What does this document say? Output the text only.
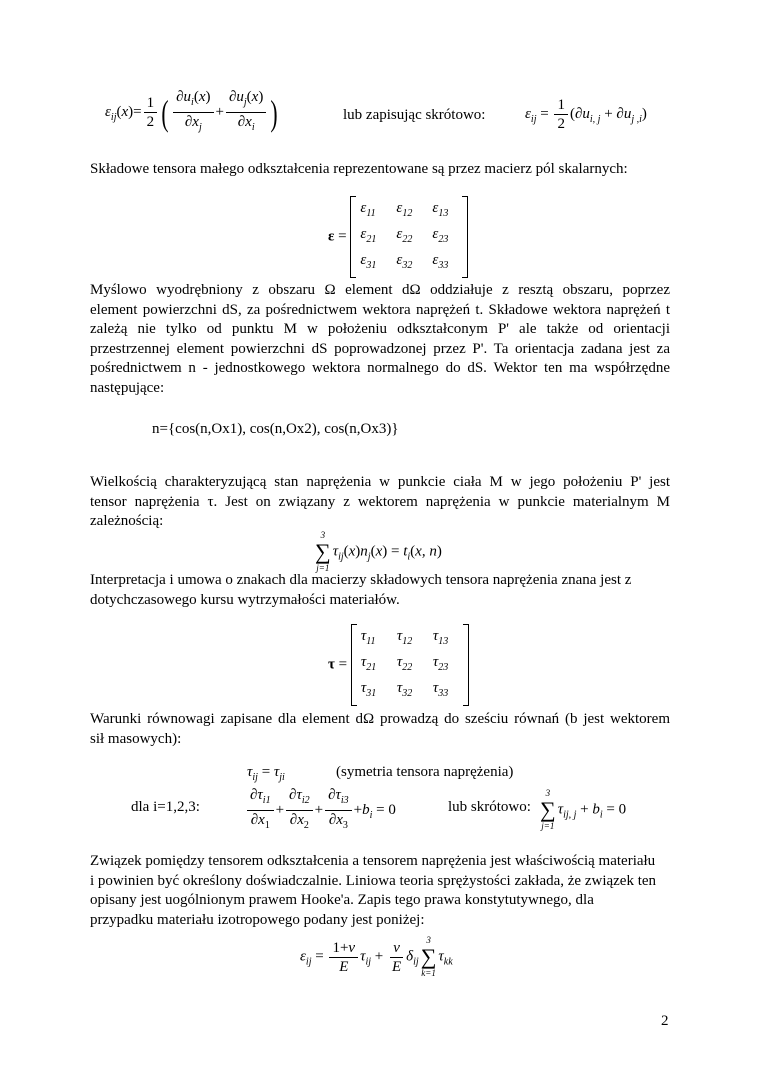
$\varepsilon_{ij}(x)= \frac{1}{2}$ ( $\frac{\partial u_i(x)}{\partial x_j} + \frac{\partial u_j(x)}{\partial x_i}$ )	lub zapisując skrótowo:	$\varepsilon_{ij} = \frac{1}{2} (\partial u_{i, j} + \partial u_{j ,i})$
Składowe tensora małego odkształcenia reprezentowane są przez macierz pól skalarnych:
ε =
$\varepsilon_{11}$	$\varepsilon_{12}$	$\varepsilon_{13}$
$\varepsilon_{21}$	$\varepsilon_{22}$	$\varepsilon_{23}$
$\varepsilon_{31}$	$\varepsilon_{32}$	$\varepsilon_{33}$
Myślowo wyodrębniony z obszaru Ω element dΩ oddziałuje z resztą obszaru, poprzez
element powierzchni dS, za pośrednictwem wektora naprężeń t. Składowe wektora naprężeń t
zależą nie tylko od punktu M w położeniu odkształconym P' ale także od orientacji
przestrzennej element powierzchni dS poprowadzonej przez P'. Ta orientacja zadana jest za
pośrednictwem n - jednostkowego wektora normalnego do dS. Wektor ten ma współrzędne
następujące:
n={cos(n,Ox1), cos(n,Ox2), cos(n,Ox3)}
Wielkością charakteryzującą stan naprężenia w punkcie ciała M w jego położeniu P' jest
tensor naprężenia τ. Jest on związany z wektorem naprężenia w punkcie materialnym M
zależnością:
3
∑
j=1
$\tau_{ij}(x)n_j(x) = t_i(x$, n)
Interpretacja i umowa o znakach dla macierzy składowych tensora naprężenia znana jest z
dotychczasowego kursu wytrzymałości materiałów.
τ =
$\tau_{11}$	$\tau_{12}$	$\tau_{13}$
$\tau_{21}$	$\tau_{22}$	$\tau_{23}$
$\tau_{31}$	$\tau_{32}$	$\tau_{33}$
Warunki równowagi zapisane dla element dΩ prowadzą do sześciu równań (b jest wektorem
sił masowych):
$\tau_{ij} = \tau_{ji}$	(symetria tensora naprężenia)
dla i=1,2,3:	$\frac{\partial\tau_{i1}}{\partial x_1} + \frac{\partial\tau_{i2}}{\partial x_2} + \frac{\partial\tau_{i3}}{\partial x_3} +b_i = 0$	lub skrótowo:
3
∑
j=1
$\tau_{ij, j} + b_i = 0$
Związek pomiędzy tensorem odkształcenia a tensorem naprężenia jest właściwością materiału
i powinien być określony doświadczalnie. Liniowa teoria sprężystości zakłada, że związek ten
opisany jest uogólnionym prawem Hooke'a. Zapis tego prawa konstytutywnego, dla
przypadku materiału izotropowego podany jest poniżej:
$\varepsilon_{ij} = \frac{1+\nu}{E} \tau_{ij} + \frac{\nu}{E} \delta_{ij}$
3
∑
k=1
$\tau_{kk}$
2
